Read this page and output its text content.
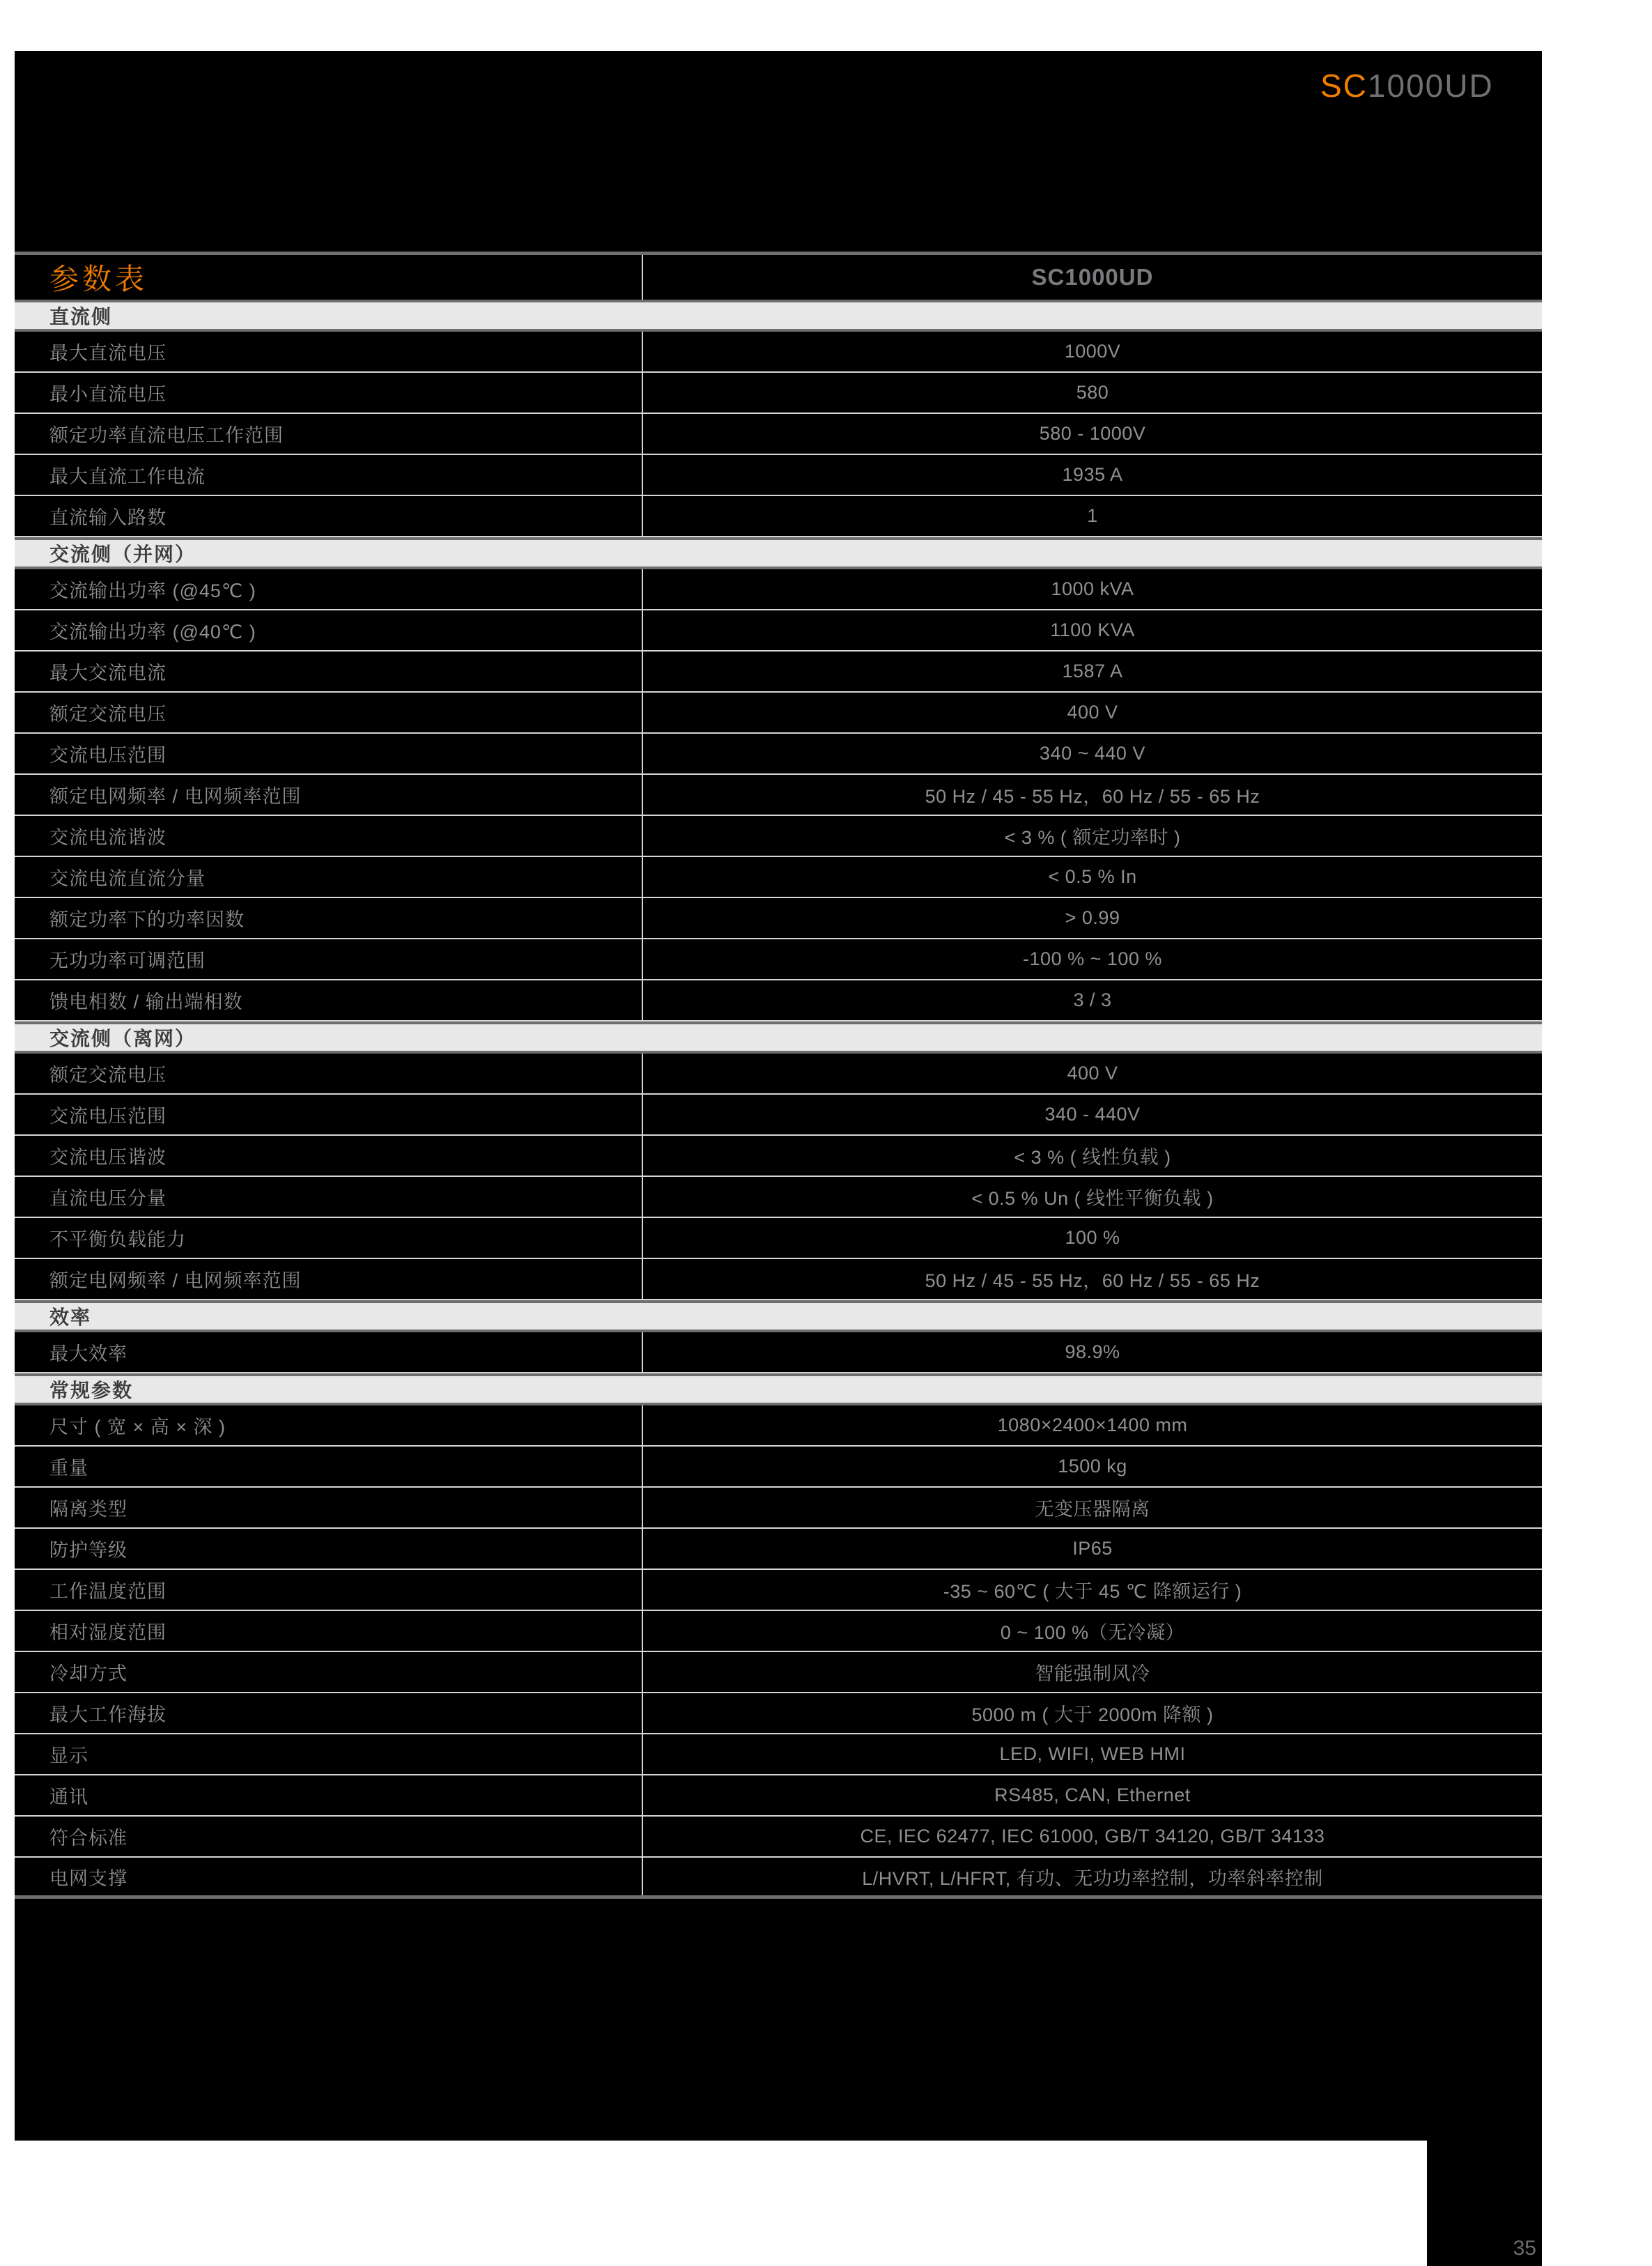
SC1000UD
参数表	SC1000UD
直流侧
最大直流电压	1000V
最小直流电压	580
额定功率直流电压工作范围	580 - 1000V
最大直流工作电流	1935 A
直流输入路数	1
交流侧（并网）
交流输出功率 (@45℃ )	1000 kVA
交流输出功率 (@40℃ )	1100 KVA
最大交流电流	1587 A
额定交流电压	400 V
交流电压范围	340 ~ 440 V
额定电网频率 / 电网频率范围	50 Hz / 45 - 55 Hz，60 Hz / 55 - 65 Hz
交流电流谐波	< 3 % ( 额定功率时 )
交流电流直流分量	< 0.5 % In
额定功率下的功率因数	> 0.99
无功功率可调范围	-100 % ~ 100 %
馈电相数 / 输出端相数	3 / 3
交流侧（离网）
额定交流电压	400 V
交流电压范围	340 - 440V
交流电压谐波	< 3 % ( 线性负载 )
直流电压分量	< 0.5 % Un ( 线性平衡负载 )
不平衡负载能力	100 %
额定电网频率 / 电网频率范围	50 Hz / 45 - 55 Hz，60 Hz / 55 - 65 Hz
效率
最大效率	98.9%
常规参数
尺寸 ( 宽 × 高 × 深 )	1080×2400×1400 mm
重量	1500 kg
隔离类型	无变压器隔离
防护等级	IP65
工作温度范围	-35 ~ 60℃ ( 大于 45 ℃ 降额运行 )
相对湿度范围	0 ~ 100 %（无冷凝）
冷却方式	智能强制风冷
最大工作海拔	5000 m ( 大于 2000m 降额 )
显示	LED, WIFI, WEB HMI
通讯	RS485, CAN, Ethernet
符合标准	CE, IEC 62477, IEC 61000, GB/T 34120, GB/T 34133
电网支撑	L/HVRT, L/HFRT, 有功、无功功率控制，功率斜率控制
35
